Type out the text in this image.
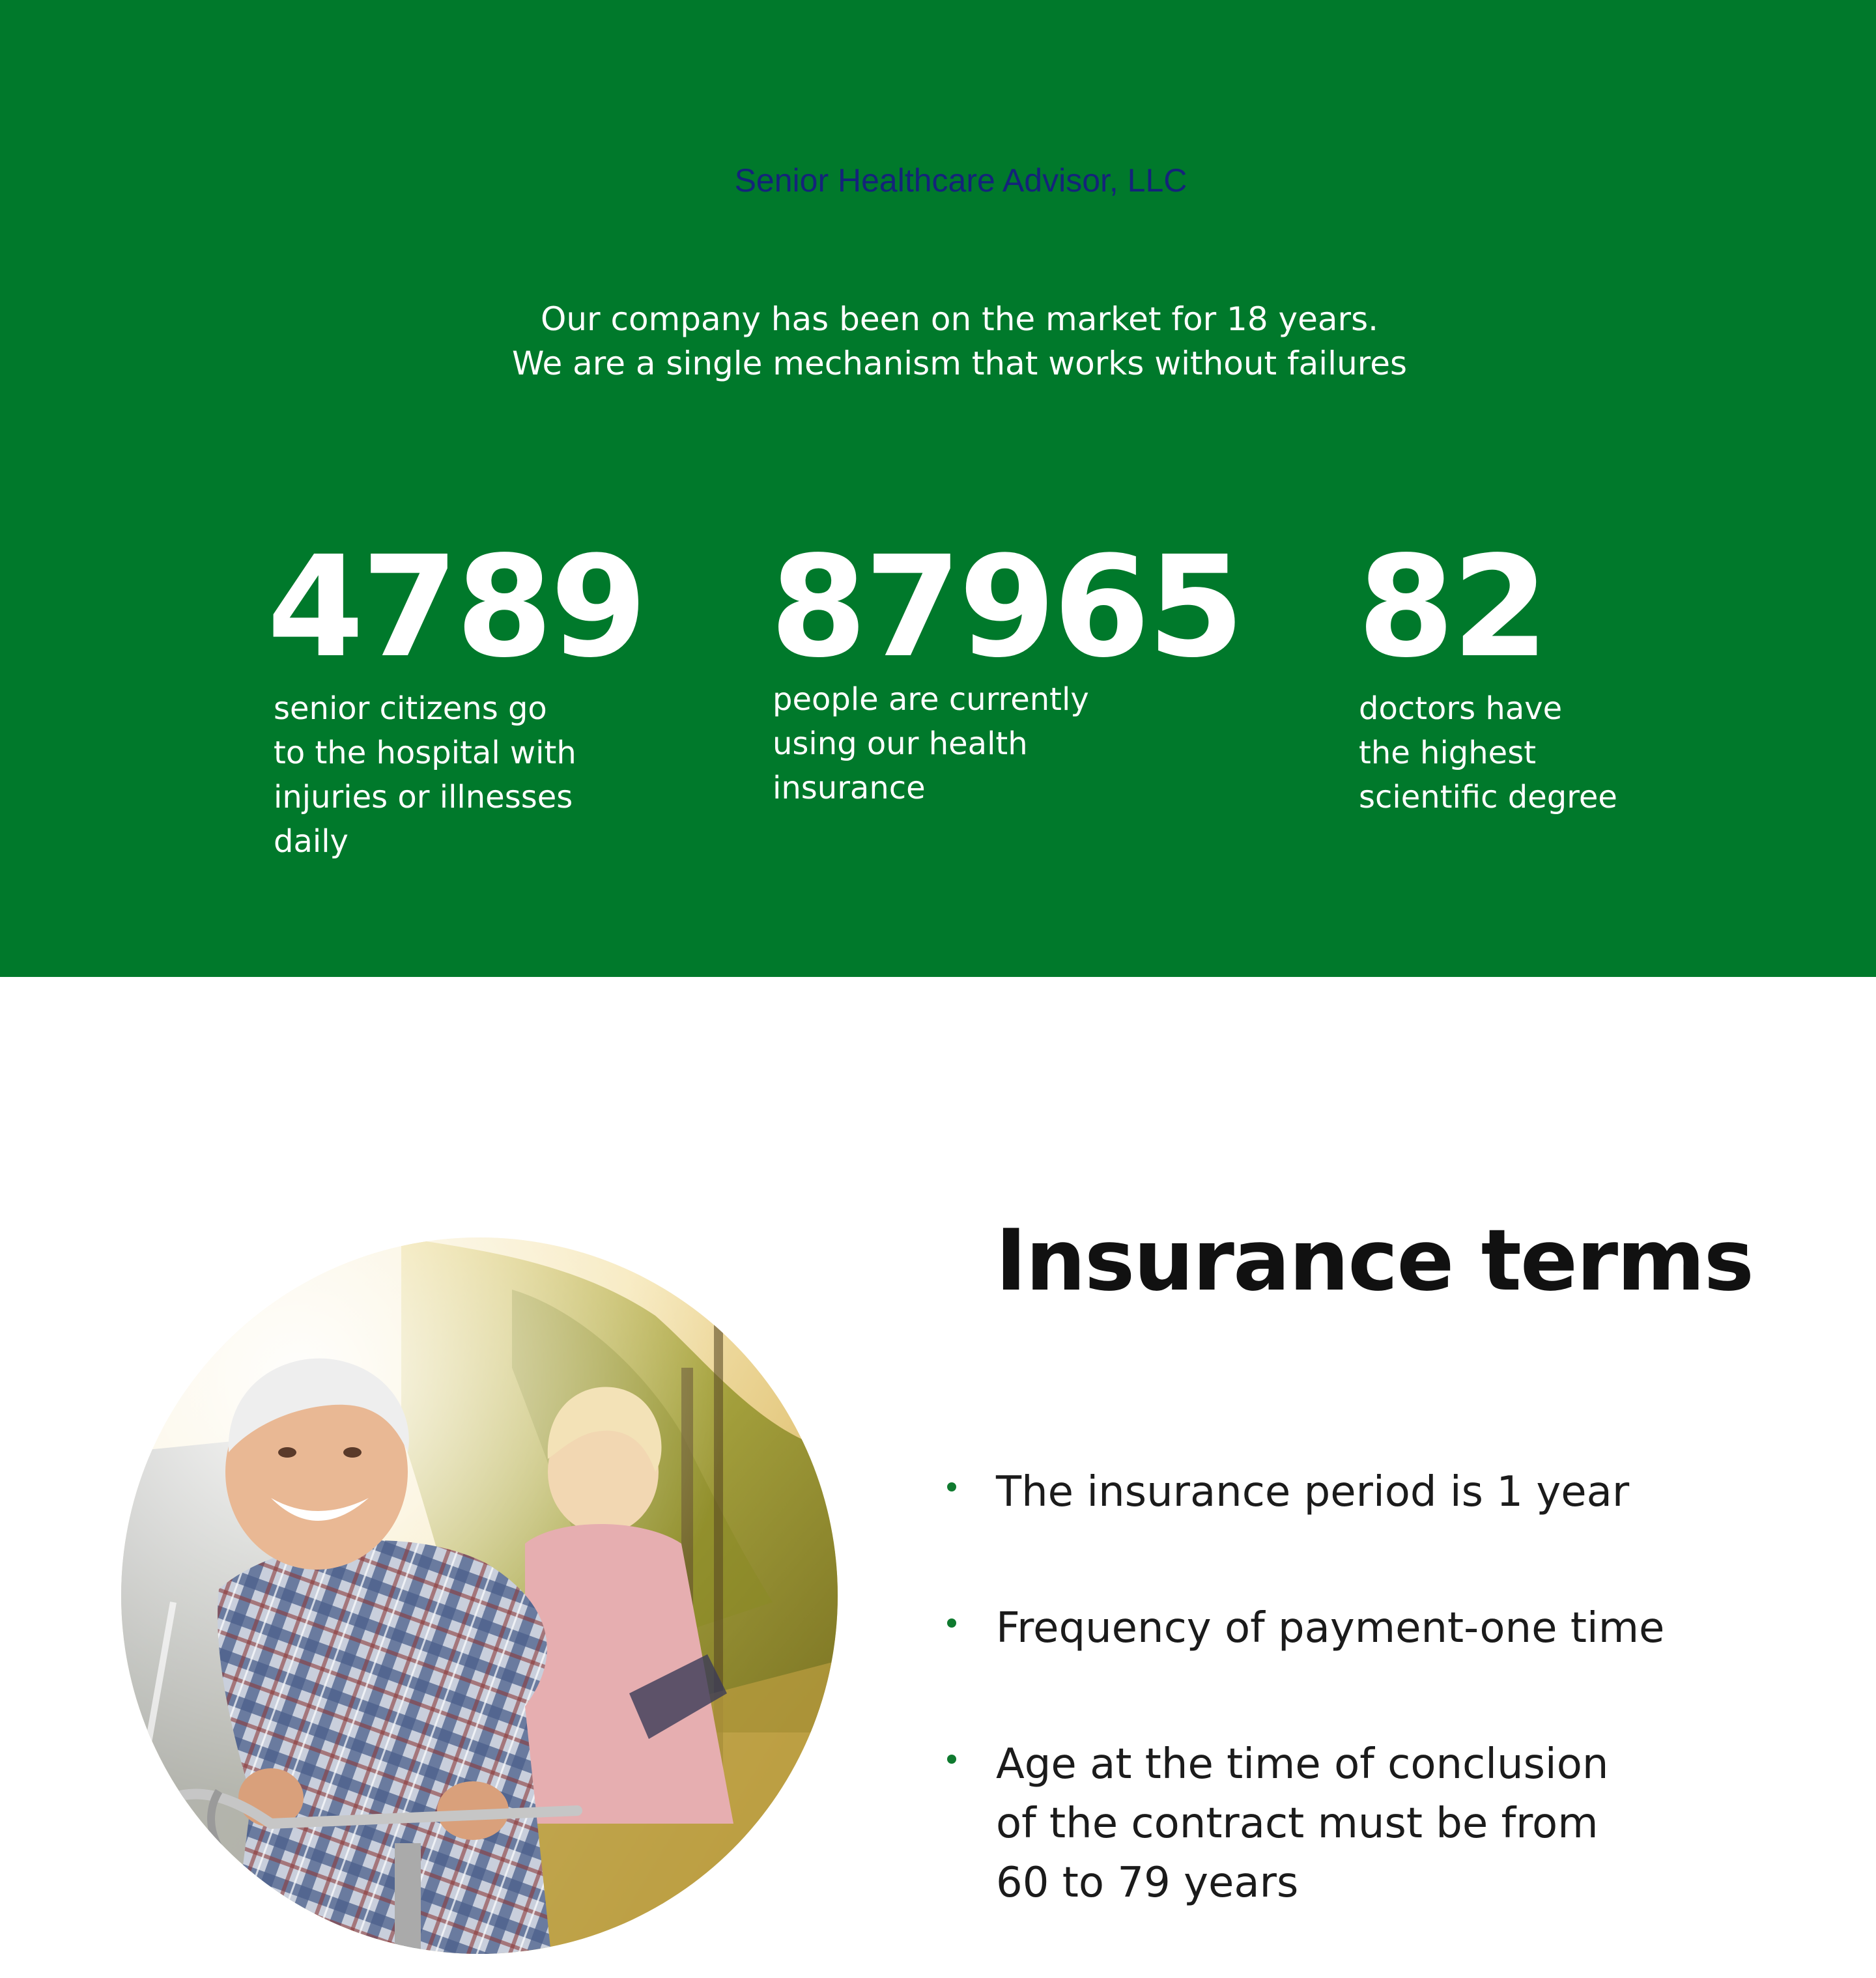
Senior Healthcare Advisor, LLC
Our company has been on the market for 18 years.
We are a single mechanism that works without failures
4789
senior citizens go
to the hospital with
injuries or illnesses
daily
87965
people are currently
using our health
insurance
82
doctors have
the highest
scientific degree
Insurance terms
The insurance period is 1 year
Frequency of payment-one time
Age at the time of conclusion
of the contract must be from
60 to 79 years
